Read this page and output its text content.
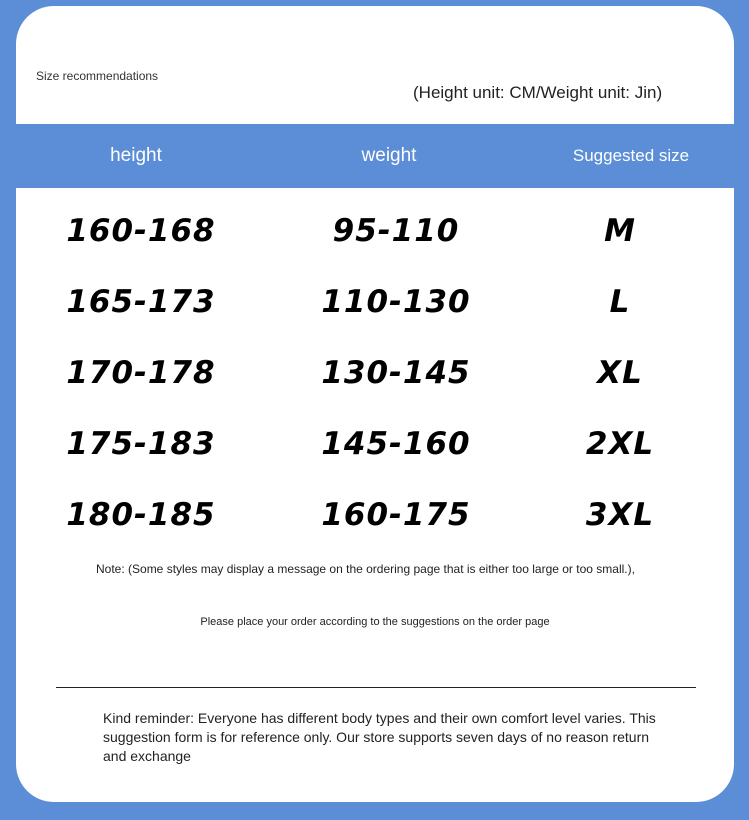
Size recommendations
(Height unit: CM/Weight unit: Jin)
height	weight	Suggested size
160-168	95-110	M
165-173	110-130	L
170-178	130-145	XL
175-183	145-160	2XL
180-185	160-175	3XL
Note: (Some styles may display a message on the ordering page that is either too large or too small.),
Please place your order according to the suggestions on the order page
Kind reminder: Everyone has different body types and their own comfort level varies. This suggestion form is for reference only. Our store supports seven days of no reason return and exchange
